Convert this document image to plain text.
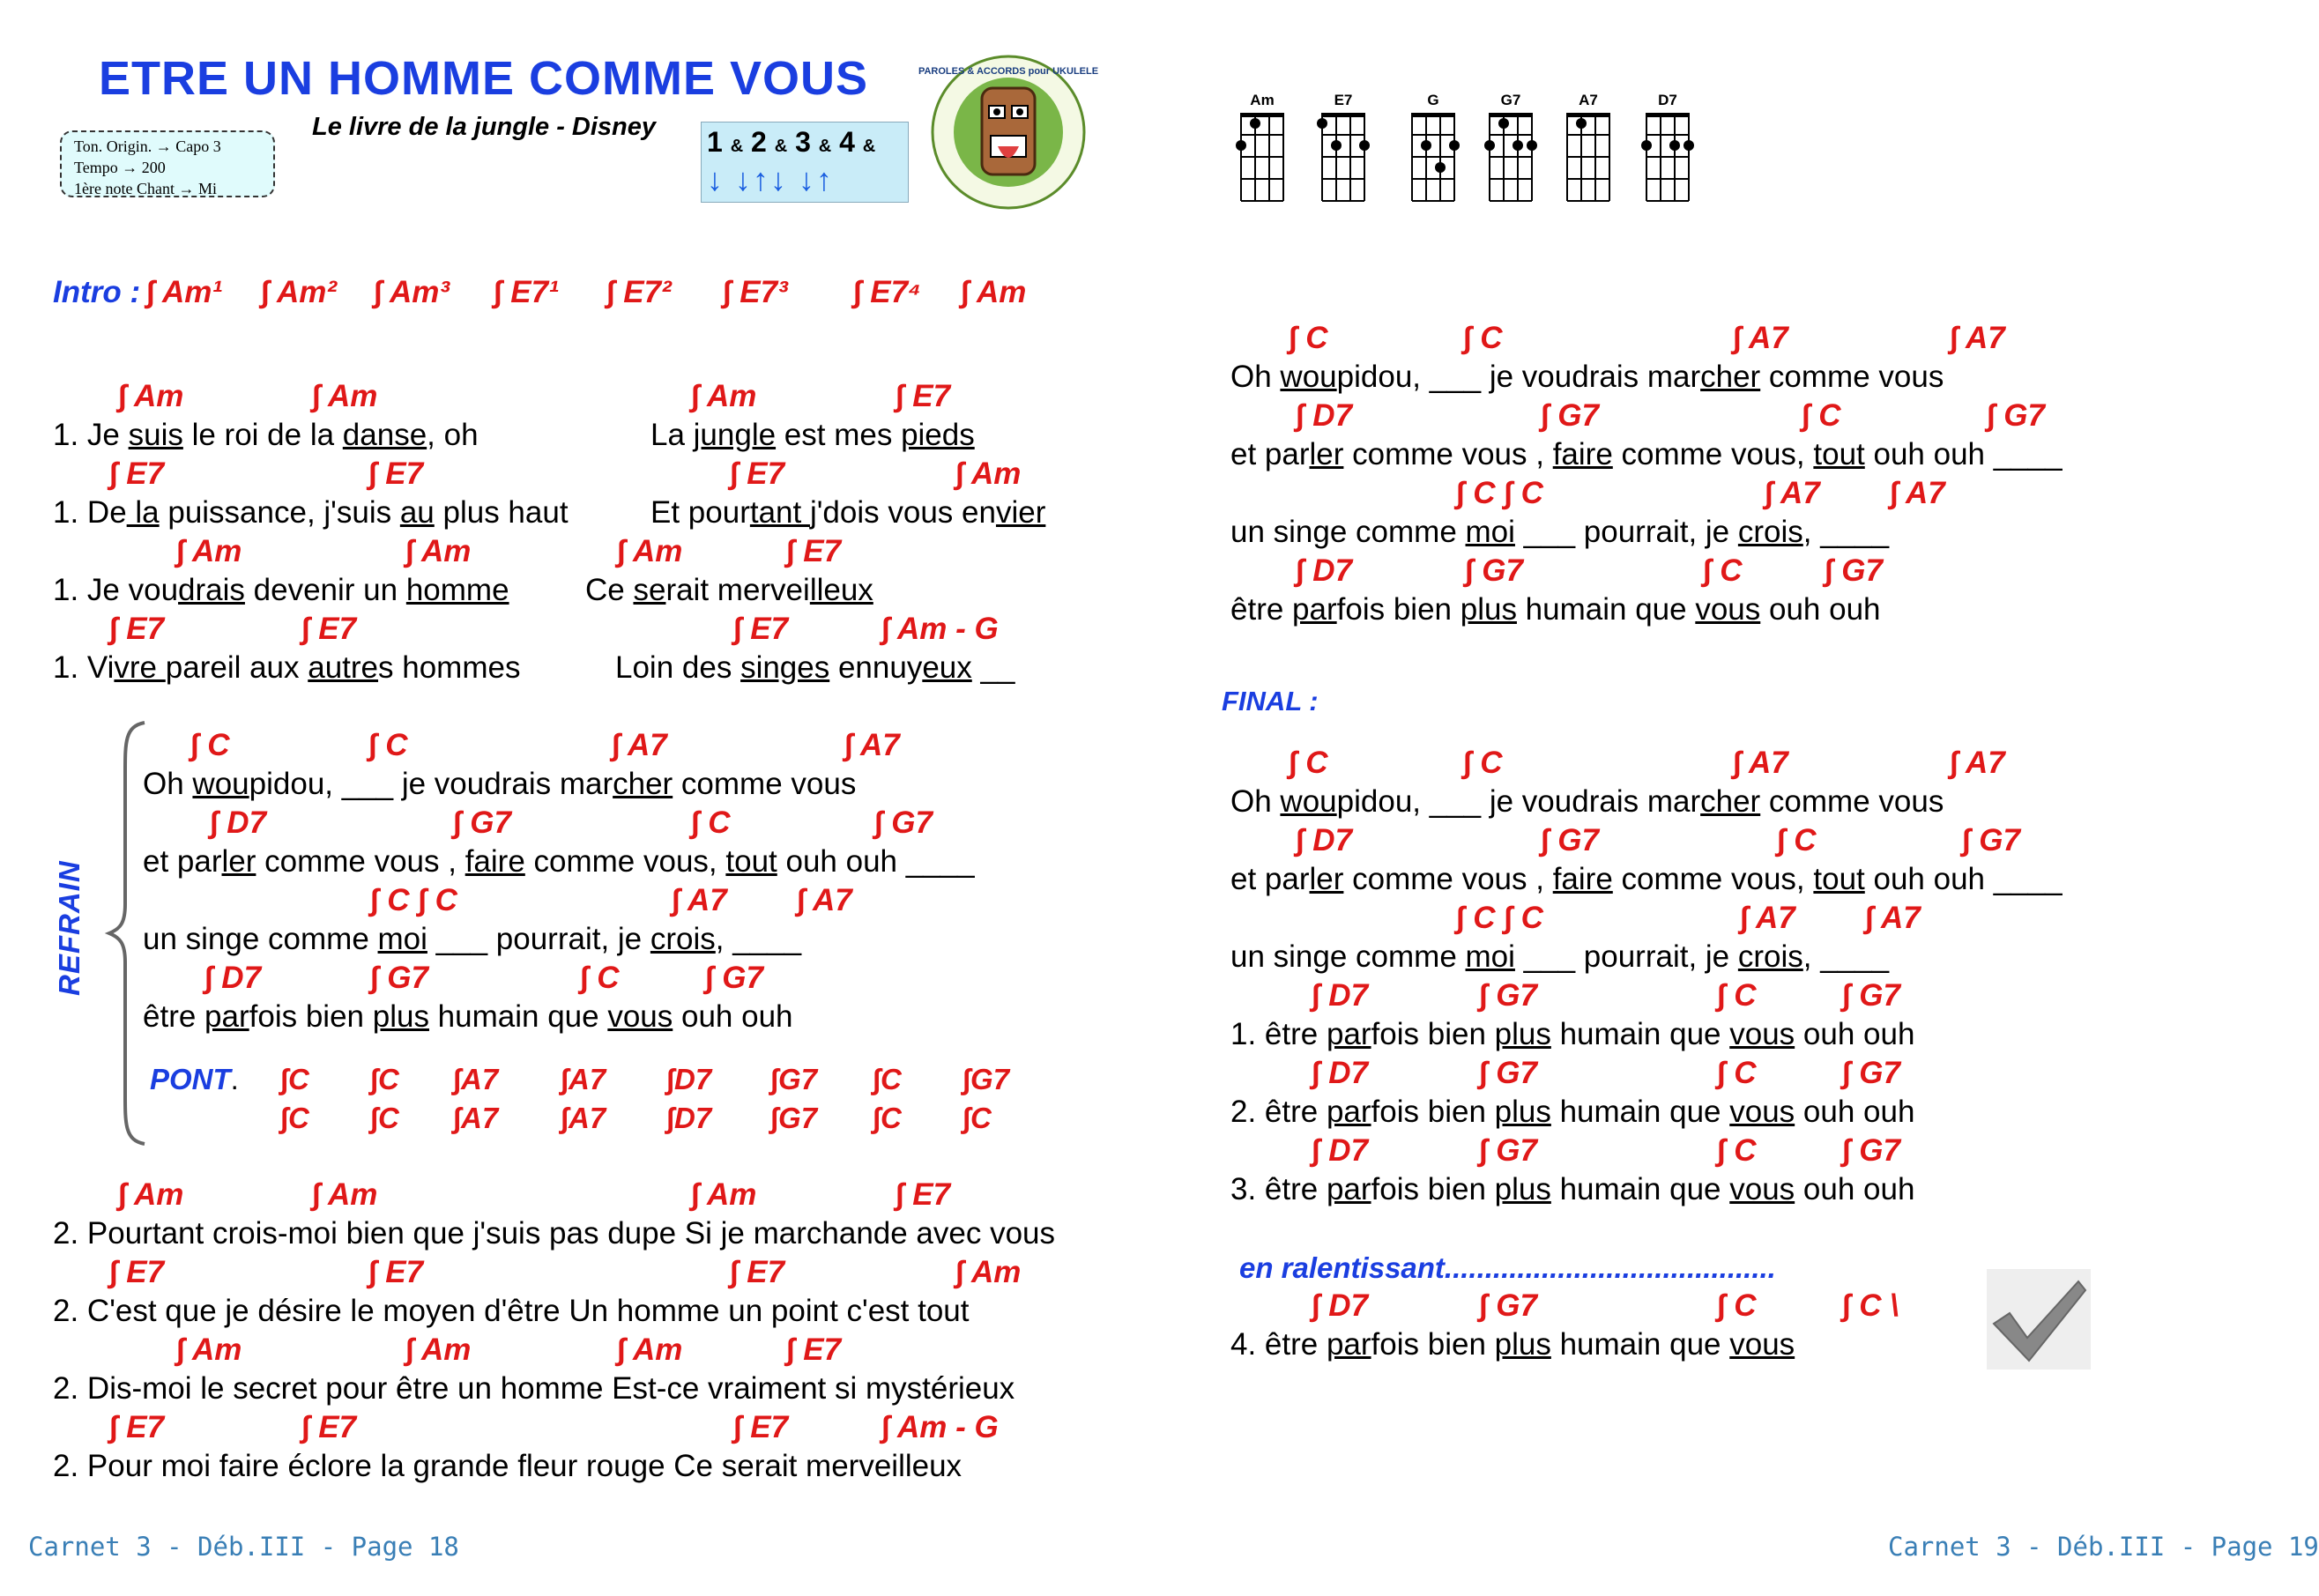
ETRE UN HOMME COMME VOUS
Le livre de la jungle - Disney
Ton. Origin. → Capo 3
Tempo → 200
1ère note Chant → Mi
1 & 2 & 3 & 4 &
↓ ↓↑↓ ↓↑
PAROLES & ACCORDS pour UKULELE
Am	E7	G	G7	A7	D7
Intro : ∫ Am¹ ∫ Am² ∫ Am³ ∫ E7¹ ∫ E7² ∫ E7³ ∫ E7⁴ ∫ Am
∫ Am	∫ Am	∫ Am	∫ E7
1. Je suis le roi de la danse, oh	La jungle est mes pieds
∫ E7	∫ E7	∫ E7	∫ Am
1. De la puissance, j'suis au plus haut	Et pourtant j'dois vous envier
∫ Am	∫ Am	∫ Am	∫ E7
1. Je voudrais devenir un homme Ce serait merveilleux
∫ E7	∫ E7	∫ E7	∫ Am - G
1. Vivre pareil aux autres hommes	Loin des singes ennuyeux __
REFRAIN
∫ C	∫ C	∫ A7	∫ A7
Oh woupidou, ___ je voudrais marcher comme vous
∫ D7	∫ G7	∫ C	∫ G7
et parler comme vous , faire comme vous, tout ouh ouh ____
∫ C ∫ C	∫ A7 ∫ A7
un singe comme moi ___ pourrait, je crois, ____
∫ D7	∫ G7	∫ C	∫ G7
être parfois bien plus humain que vous ouh ouh
PONT. ∫C ∫C ∫A7 ∫A7 ∫D7 ∫G7 ∫C ∫G7
∫C ∫C ∫A7 ∫A7 ∫D7 ∫G7 ∫C ∫C
∫ Am	∫ Am	∫ Am	∫ E7
2. Pourtant crois-moi bien que j'suis pas dupe Si je marchande avec vous
∫ E7	∫ E7	∫ E7	∫ Am
2. C'est que je désire le moyen d'être Un homme un point c'est tout
∫ Am	∫ Am	∫ Am	∫ E7
2. Dis-moi le secret pour être un homme Est-ce vraiment si mystérieux
∫ E7	∫ E7	∫ E7	∫ Am - G
2. Pour moi faire éclore la grande fleur rouge Ce serait merveilleux
∫ C	∫ C	∫ A7	∫ A7
Oh woupidou, ___ je voudrais marcher comme vous
∫ D7	∫ G7	∫ C	∫ G7
et parler comme vous , faire comme vous, tout ouh ouh ____
∫ C ∫ C	∫ A7 ∫ A7
un singe comme moi ___ pourrait, je crois, ____
∫ D7	∫ G7	∫ C	∫ G7
être parfois bien plus humain que vous ouh ouh
FINAL :
∫ C	∫ C	∫ A7	∫ A7
Oh woupidou, ___ je voudrais marcher comme vous
∫ D7	∫ G7	∫ C	∫ G7
et parler comme vous , faire comme vous, tout ouh ouh ____
∫ C ∫ C	∫ A7 ∫ A7
un singe comme moi ___ pourrait, je crois, ____
∫ D7	∫ G7	∫ C	∫ G7
1. être parfois bien plus humain que vous ouh ouh
∫ D7	∫ G7	∫ C	∫ G7
2. être parfois bien plus humain que vous ouh ouh
∫ D7	∫ G7	∫ C	∫ G7
3. être parfois bien plus humain que vous ouh ouh
en ralentissant.........................................
∫ D7	∫ G7	∫ C	∫ C \
4. être parfois bien plus humain que vous
Carnet 3 - Déb.III - Page 18	Carnet 3 - Déb.III - Page 19
